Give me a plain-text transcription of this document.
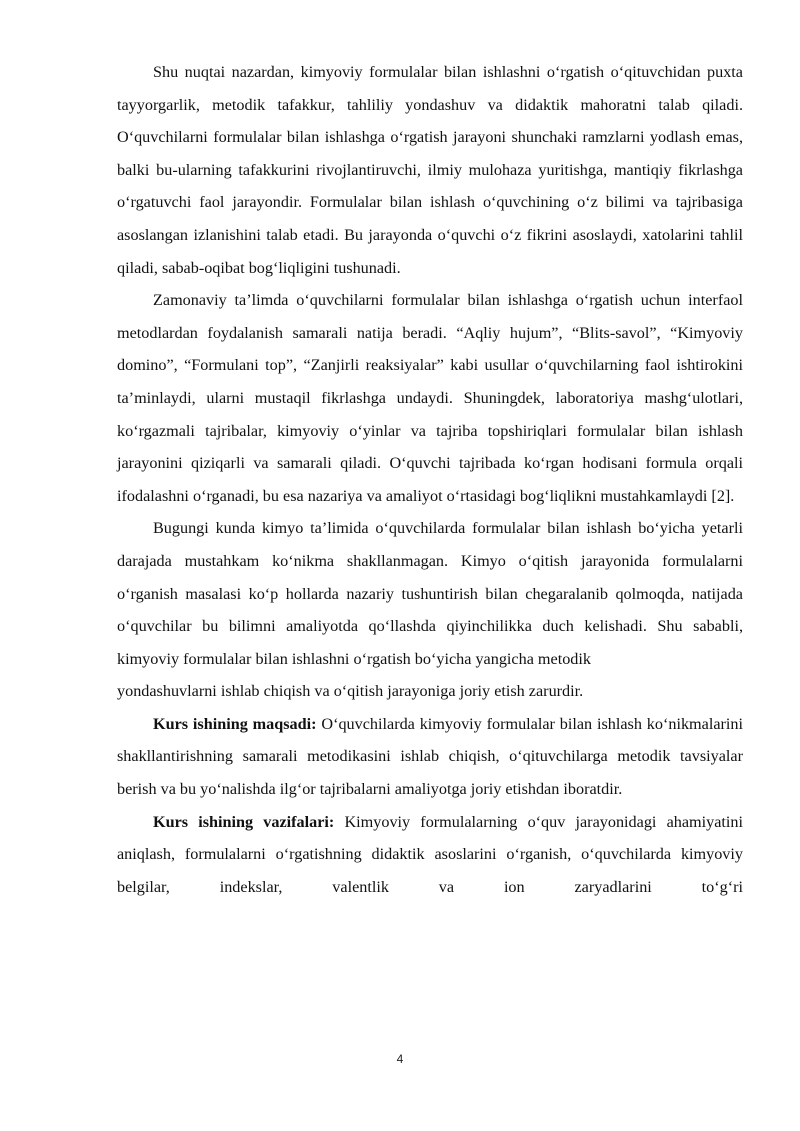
Shu nuqtai nazardan, kimyoviy formulalar bilan ishlashni o‘rgatish o‘qituvchidan puxta tayyorgarlik, metodik tafakkur, tahliliy yondashuv va didaktik mahoratni talab qiladi. O‘quvchilarni formulalar bilan ishlashga o‘rgatish jarayoni shunchaki ramzlarni yodlash emas, balki bu-ularning tafakkurini rivojlantiruvchi, ilmiy mulohaza yuritishga, mantiqiy fikrlashga o‘rgatuvchi faol jarayondir. Formulalar bilan ishlash o‘quvchining o‘z bilimi va tajribasiga asoslangan izlanishini talab etadi. Bu jarayonda o‘quvchi o‘z fikrini asoslaydi, xatolarini tahlil qiladi, sabab-oqibat bog‘liqligini tushunadi.

Zamonaviy ta’limda o‘quvchilarni formulalar bilan ishlashga o‘rgatish uchun interfaol metodlardan foydalanish samarali natija beradi. “Aqliy hujum”, “Blits-savol”, “Kimyoviy domino”, “Formulani top”, “Zanjirli reaksiyalar” kabi usullar o‘quvchilarning faol ishtirokini ta’minlaydi, ularni mustaqil fikrlashga undaydi. Shuningdek, laboratoriya mashg‘ulotlari, ko‘rgazmali tajribalar, kimyoviy o‘yinlar va tajriba topshiriqlari formulalar bilan ishlash jarayonini qiziqarli va samarali qiladi. O‘quvchi tajribada ko‘rgan hodisani formula orqali ifodalashni o‘rganadi, bu esa nazariya va amaliyot o‘rtasidagi bog‘liqlikni mustahkamlaydi [2].

Bugungi kunda kimyo ta’limida o‘quvchilarda formulalar bilan ishlash bo‘yicha yetarli darajada mustahkam ko‘nikma shakllanmagan. Kimyo o‘qitish jarayonida formulalarni o‘rganish masalasi ko‘p hollarda nazariy tushuntirish bilan chegaralanib qolmoqda, natijada o‘quvchilar bu bilimni amaliyotda qo‘llashda qiyinchilikka duch kelishadi. Shu sababli, kimyoviy formulalar bilan ishlashni o‘rgatish bo‘yicha yangicha metodik

yondashuvlarni ishlab chiqish va o‘qitish jarayoniga joriy etish zarurdir.

Kurs ishining maqsadi: O‘quvchilarda kimyoviy formulalar bilan ishlash ko‘nikmalarini shakllantirishning samarali metodikasini ishlab chiqish, o‘qituvchilarga metodik tavsiyalar berish va bu yo‘nalishda ilg‘or tajribalarni amaliyotga joriy etishdan iboratdir.

Kurs ishining vazifalari: Kimyoviy formulalarning o‘quv jarayonidagi ahamiyatini aniqlash, formulalarni o‘rgatishning didaktik asoslarini o‘rganish, o‘quvchilarda kimyoviy belgilar, indekslar, valentlik va ion zaryadlarini to‘g‘ri

4
